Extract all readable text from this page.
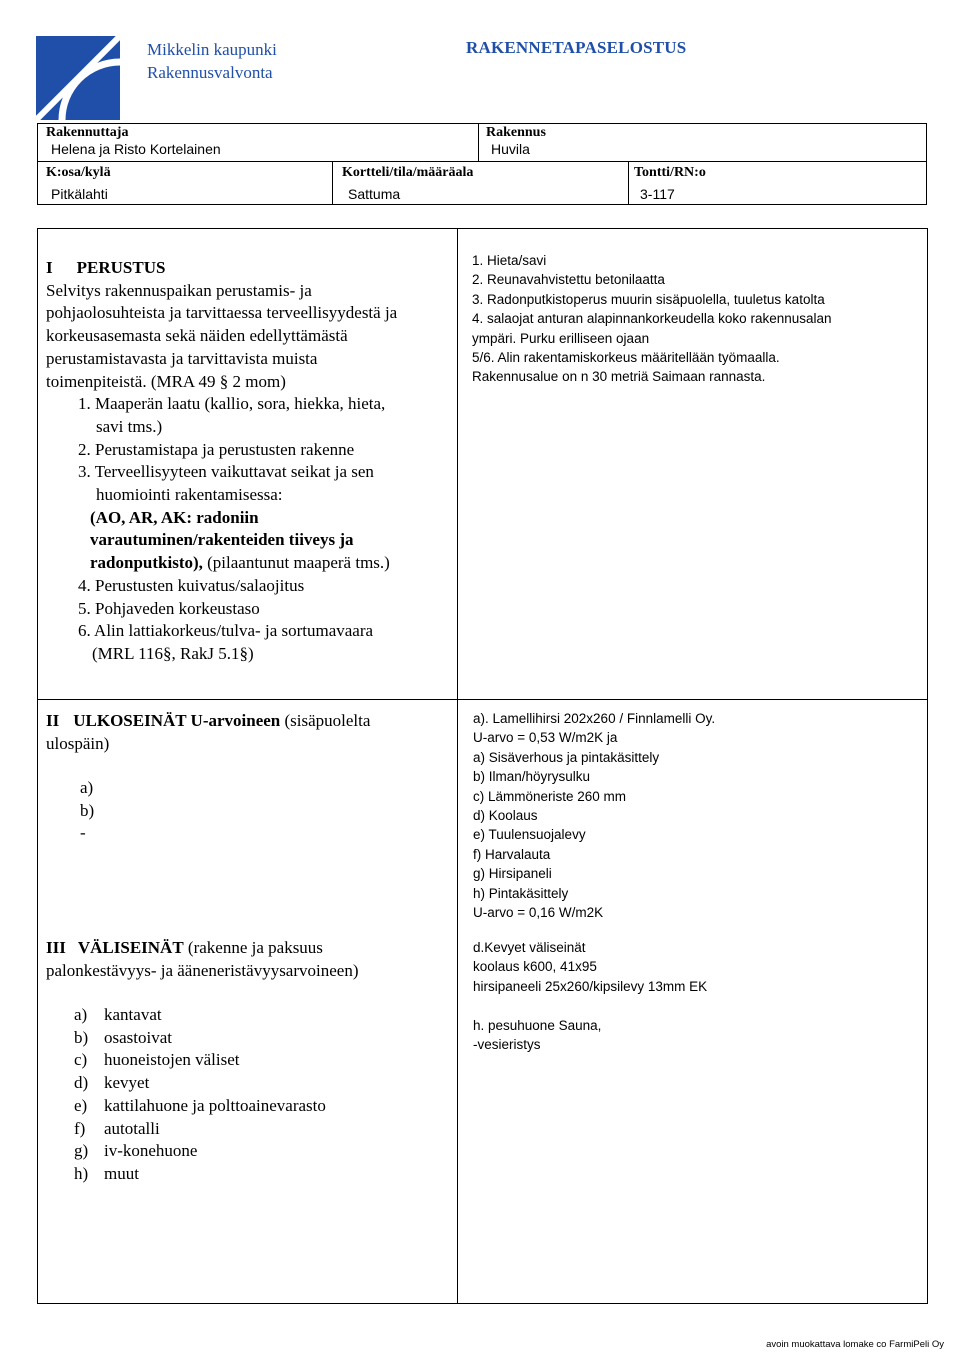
Mikkelin kaupunki
Rakennusvalvonta
RAKENNETAPASELOSTUS
Rakennuttaja
Helena ja Risto Kortelainen
Rakennus
Huvila
K:osa/kylä
Pitkälahti
Kortteli/tila/määräala
Sattuma
Tontti/RN:o
3-117
I PERUSTUS
Selvitys rakennuspaikan perustamis- ja
pohjaolosuhteista ja tarvittaessa terveellisyydestä ja
korkeusasemasta sekä näiden edellyttämästä
perustamistavasta ja tarvittavista muista
toimenpiteistä. (MRA 49 § 2 mom)
1. Maaperän laatu (kallio, sora, hiekka, hieta,
savi tms.)
2. Perustamistapa ja perustusten rakenne
3. Terveellisyyteen vaikuttavat seikat ja sen
huomiointi rakentamisessa:
(AO, AR, AK: radoniin
varautuminen/rakenteiden tiiveys ja
radonputkisto), (pilaantunut maaperä tms.)
4. Perustusten kuivatus/salaojitus
5. Pohjaveden korkeustaso
6. Alin lattiakorkeus/tulva- ja sortumavaara
(MRL 116§, RakJ 5.1§)
1. Hieta/savi
2. Reunavahvistettu betonilaatta
3. Radonputkistoperus muurin sisäpuolella, tuuletus katolta
4. salaojat anturan alapinnankorkeudella koko rakennusalan
ympäri. Purku erilliseen ojaan
5/6. Alin rakentamiskorkeus määritellään työmaalla.
Rakennusalue on n 30 metriä Saimaan rannasta.
II ULKOSEINÄT U-arvoineen (sisäpuolelta
ulospäin)
a)
b)
-
a). Lamellihirsi 202x260 / Finnlamelli Oy.
U-arvo = 0,53 W/m2K ja
a) Sisäverhous ja pintakäsittely
b) Ilman/höyrysulku
c) Lämmöneriste 260 mm
d) Koolaus
e) Tuulensuojalevy
f) Harvalauta
g) Hirsipaneli
h) Pintakäsittely
U-arvo = 0,16 W/m2K
III VÄLISEINÄT (rakenne ja paksuus
palonkestävyys- ja ääneneristävyysarvoineen)
a) kantavat
b) osastoivat
c) huoneistojen väliset
d) kevyet
e) kattilahuone ja polttoainevarasto
f) autotalli
g) iv-konehuone
h) muut
d.Kevyet väliseinät
koolaus k600, 41x95
hirsipaneeli 25x260/kipsilevy 13mm EK
h. pesuhuone Sauna,
-vesieristys
avoin muokattava lomake co FarmiPeli Oy
